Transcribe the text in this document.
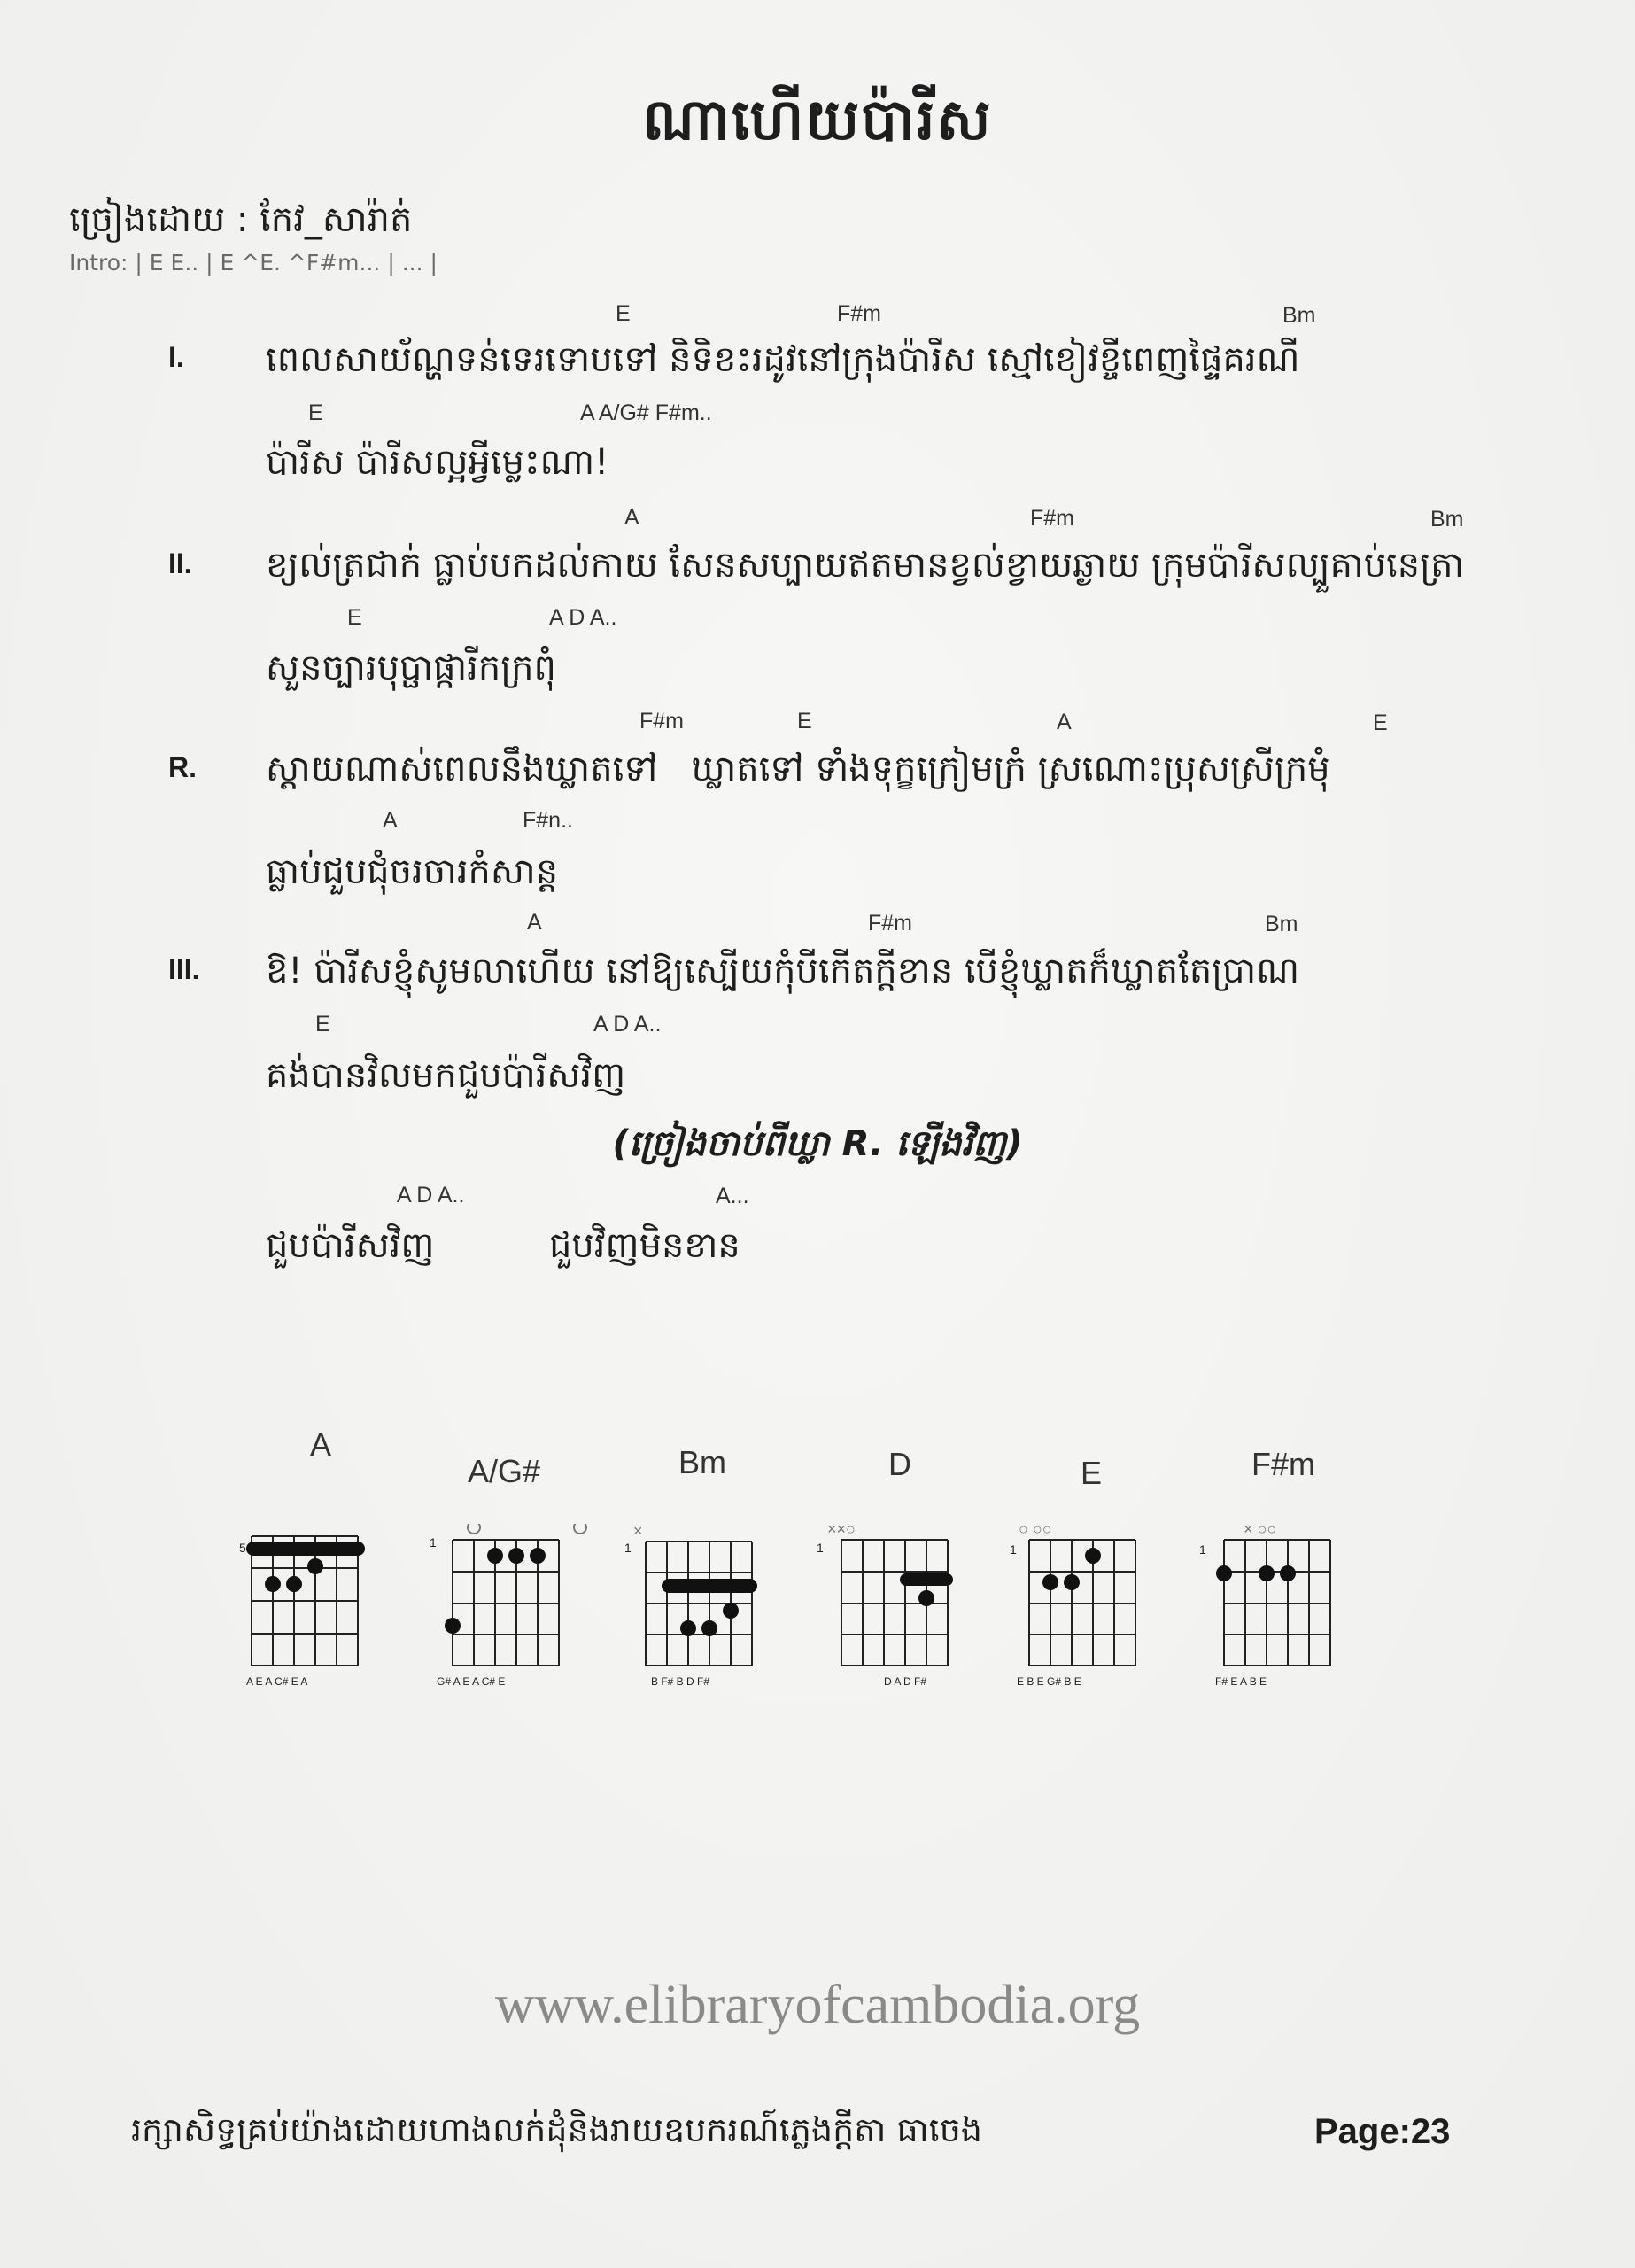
ណាហើយប៉ារីស
ច្រៀងដោយ : កែវ_សារ៉ាត់
Intro: | E E.. | E ^E. ^F#m... | ... |
E	F#m	Bm
I. ពេលសាយ័ណ្ហទន់ទេរទោបទៅ និទិខះរដូវនៅក្រុងប៉ារីស ស្មៅខៀវខ្ចីពេញផ្ទៃគរណី
E	A A/G# F#m..
ប៉ារីស ប៉ារីសល្អអ្វីម្លេះណា!
A	F#m	Bm
II. ខ្យល់ត្រជាក់ ធ្លាប់បកដល់កាយ សែនសប្បាយឥតមានខ្វល់ខ្វាយឆ្ងាយ ក្រុមប៉ារីសល្បួគាប់នេត្រា
E	A D A..
សួនច្បារបុប្ផាផ្ការីកក្រពុំ
F#m	E	A	E
R. ស្តាយណាស់ពេលនឹងឃ្លាតទៅ   ឃ្លាតទៅ ទាំងទុក្ខក្រៀមក្រំ ស្រណោះប្រុសស្រីក្រមុំ
A	F#n..
ធ្លាប់ជួបជុំចរចារកំសាន្ត
A	F#m	Bm
III. ឱ! ប៉ារីសខ្ញុំសូមលាហើយ នៅឱ្យស្បើយកុំបីកើតក្តីខាន បើខ្ញុំឃ្លាតក៏ឃ្លាតតែប្រាណ
E	A D A..
គង់បានវិលមកជួបប៉ារីសវិញ
(ច្រៀងចាប់ពីឃ្លា R. ឡើងវិញ)
A D A..	A...
ជួបប៉ារីសវិញ	ជួបវិញមិនខាន
A
A/G#	Bm	D	E	F#m
5
A E A C# E A
1
G# A E A C# E
×
1
B F# B D F#
××○
1
D A D F#
○ ○○
1
E B E G# B E
× ○○
1
F# E A B E
www.elibraryofcambodia.org
រក្សាសិទ្ធគ្រប់យ៉ាងដោយហាងលក់ដុំនិងរាយឧបករណ៍ភ្លេងក្តីតា ធាចេង	Page:23
